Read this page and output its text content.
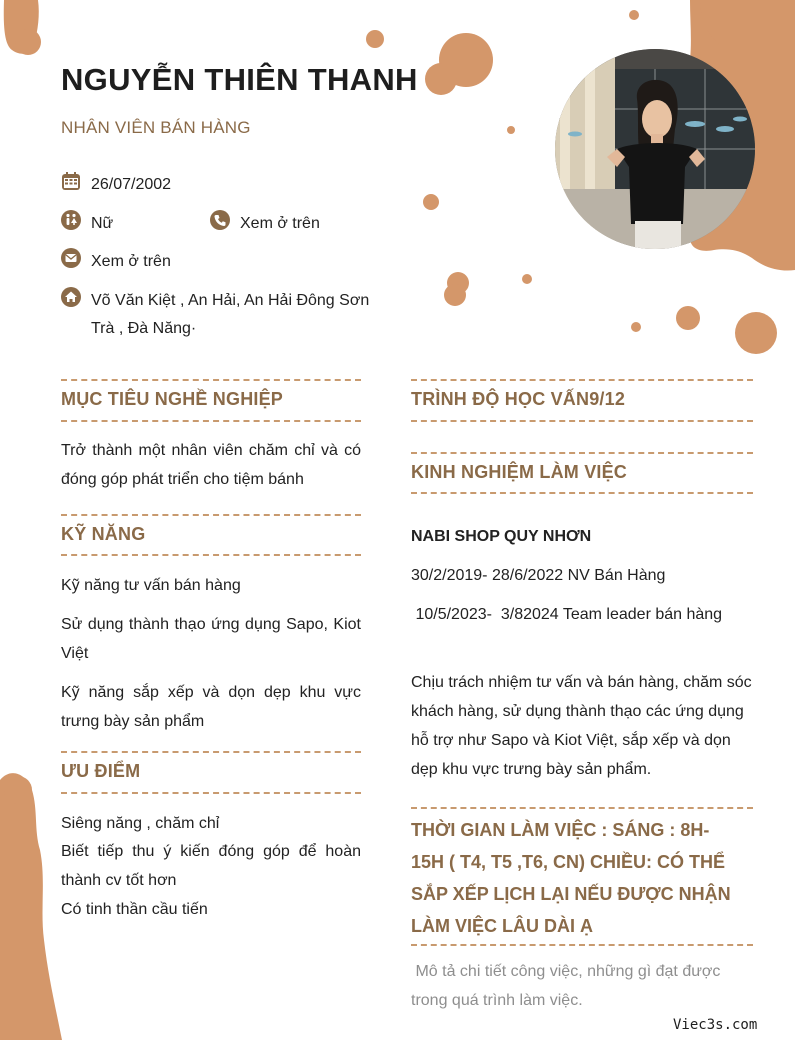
NGUYỄN THIÊN THANH
NHÂN VIÊN BÁN HÀNG
26/07/2002
Nữ	Xem ở trên
Xem ở trên
Võ Văn Kiệt , An Hải, An Hải Đông Sơn Trà , Đà Năng·
MỤC TIÊU NGHỀ NGHIỆP
Trở thành một nhân viên chăm chỉ và có đóng góp phát triển cho tiệm bánh
KỸ NĂNG
Kỹ năng tư vấn bán hàng
Sử dụng thành thạo ứng dụng Sapo, Kiot Việt
Kỹ năng sắp xếp và dọn dẹp khu vực trưng bày sản phẩm
ƯU ĐIỂM
Siêng năng , chăm chỉ
Biết tiếp thu ý kiến đóng góp để hoàn thành cv tốt hơn
Có tinh thần cầu tiến
TRÌNH ĐỘ HỌC VẤN9/12
KINH NGHIỆM LÀM VIỆC
NABI SHOP QUY NHƠN
30/2/2019- 28/6/2022 NV Bán Hàng
10/5/2023-  3/82024 Team leader bán hàng
Chịu trách nhiệm tư vấn và bán hàng, chăm sóc khách hàng, sử dụng thành thạo các ứng dụng hỗ trợ như Sapo và Kiot Việt, sắp xếp và dọn dẹp khu vực trưng bày sản phẩm.
THỜI GIAN LÀM VIỆC : SÁNG : 8H-15H ( T4, T5 ,T6, CN) CHIỀU: CÓ THỂ SẮP XẾP LỊCH LẠI NẾU ĐƯỢC NHẬN LÀM VIỆC LÂU DÀI Ạ
Mô tả chi tiết công việc, những gì đạt được trong quá trình làm việc.
Viec3s.com
